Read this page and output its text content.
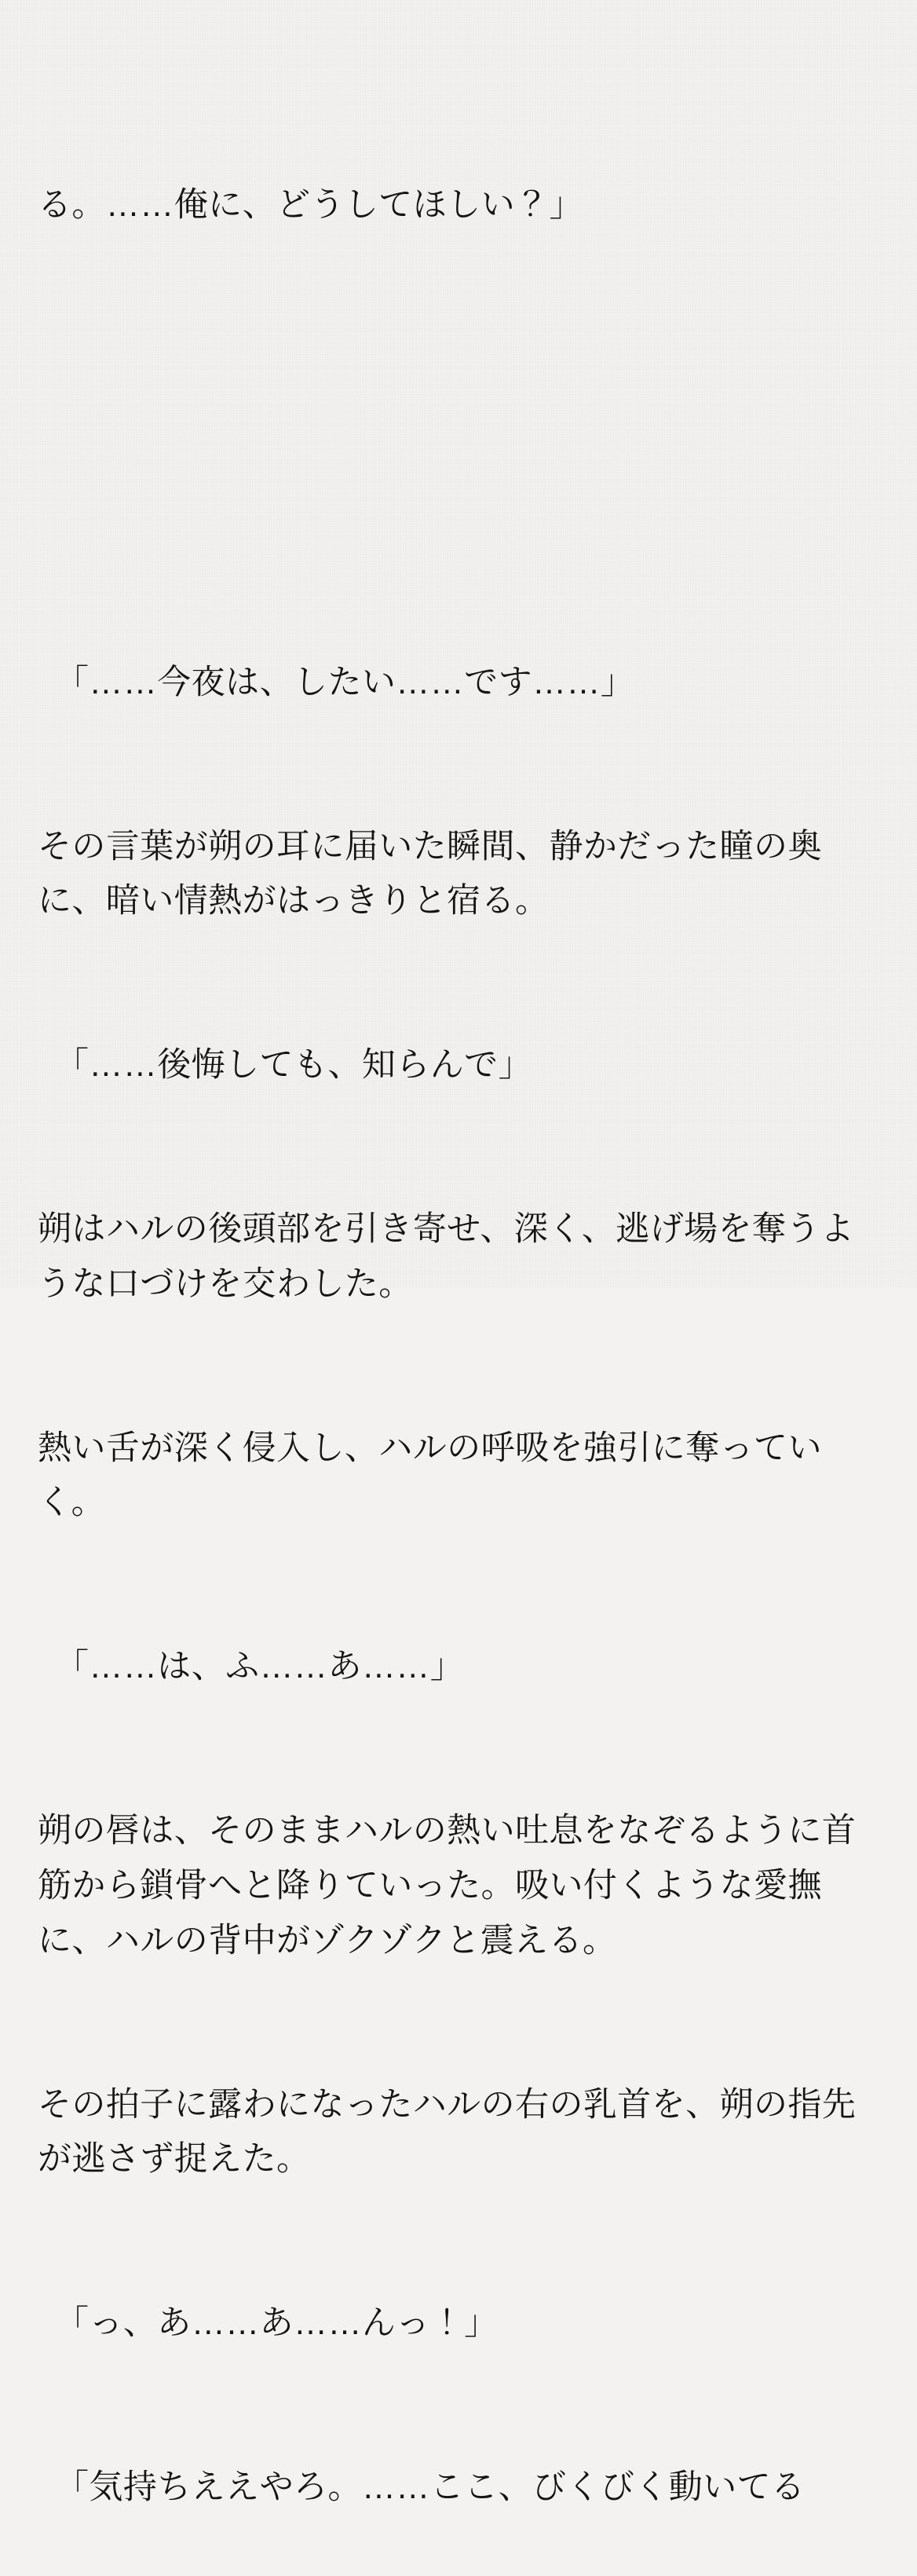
る。……俺に、どうしてほしい？」

「……今夜は、したい……です……」

その言葉が朔の耳に届いた瞬間、静かだった瞳の奥に、暗い情熱がはっきりと宿る。

「……後悔しても、知らんで」

朔はハルの後頭部を引き寄せ、深く、逃げ場を奪うような口づけを交わした。

熱い舌が深く侵入し、ハルの呼吸を強引に奪っていく。

「……は、ふ……あ……」

朔の唇は、そのままハルの熱い吐息をなぞるように首筋から鎖骨へと降りていった。吸い付くような愛撫に、ハルの背中がゾクゾクと震える。

その拍子に露わになったハルの右の乳首を、朔の指先が逃さず捉えた。

「っ、あ……あ……んっ！」

「気持ちええやろ。……ここ、びくびく動いてる
